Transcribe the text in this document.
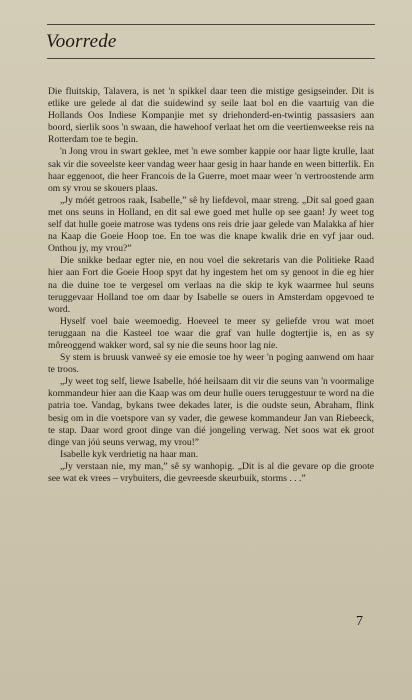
Voorrede

Die fluitskip, Talavera, is net 'n spikkel daar teen die mistige gesigseinder. Dit is etlike ure gelede al dat die suidewind sy seile laat bol en die vaartuig van die Hollands Oos Indiese Kompanjie met sy driehonderd-en-twintig passasiers aan boord, sierlik soos 'n swaan, die hawehoof verlaat het om die veertienweekse reis na Rotterdam toe te begin.

'n Jong vrou in swart geklee, met 'n ewe somber kappie oor haar ligte krulle, laat sak vir die soveelste keer vandag weer haar gesig in haar hande en ween bitterlik. En haar eggenoot, die heer Francois de la Guerre, moet maar weer 'n vertroostende arm om sy vrou se skouers plaas.

„Jy móét getroos raak, Isabelle,” sê hy liefdevol, maar streng. „Dit sal goed gaan met ons seuns in Holland, en dit sal ewe goed met hulle op see gaan! Jy weet tog self dat hulle goeie matrose was tydens ons reis drie jaar gelede van Malakka af hier na Kaap die Goeie Hoop toe. En toe was die knape kwalik drie en vyf jaar oud. Onthou jy, my vrou?”

Die snikke bedaar egter nie, en nou voel die sekretaris van die Politieke Raad hier aan Fort die Goeie Hoop spyt dat hy ingestem het om sy genoot in die eg hier na die duine toe te vergesel om verlaas na die skip te kyk waarmee hul seuns teruggevaar Holland toe om daar by Isabelle se ouers in Amsterdam opgevoed te word.

Hyself voel baie weemoedig. Hoeveel te meer sy geliefde vrou wat moet teruggaan na die Kasteel toe waar die graf van hulle dogtertjie is, en as sy môreoggend wakker word, sal sy nie die seuns hoor lag nie.

Sy stem is bruusk vanweë sy eie emosie toe hy weer 'n poging aanwend om haar te troos.

„Jy weet tog self, liewe Isabelle, hóé heilsaam dit vir die seuns van 'n voormalige kommandeur hier aan die Kaap was om deur hulle ouers teruggestuur te word na die patria toe. Vandag, bykans twee dekades later, is die oudste seun, Abraham, flink besig om in die voetspore van sy vader, die gewese kommandeur Jan van Riebeeck, te stap. Daar word groot dinge van dié jongeling verwag. Net soos wat ek groot dinge van jóú seuns verwag, my vrou!”

Isabelle kyk verdrietig na haar man.

„Jy verstaan nie, my man,” sê sy wanhopig. „Dit is al die gevare op die groote see wat ek vrees – vrybuiters, die gevreesde skeurbuik, storms . . .”

7
